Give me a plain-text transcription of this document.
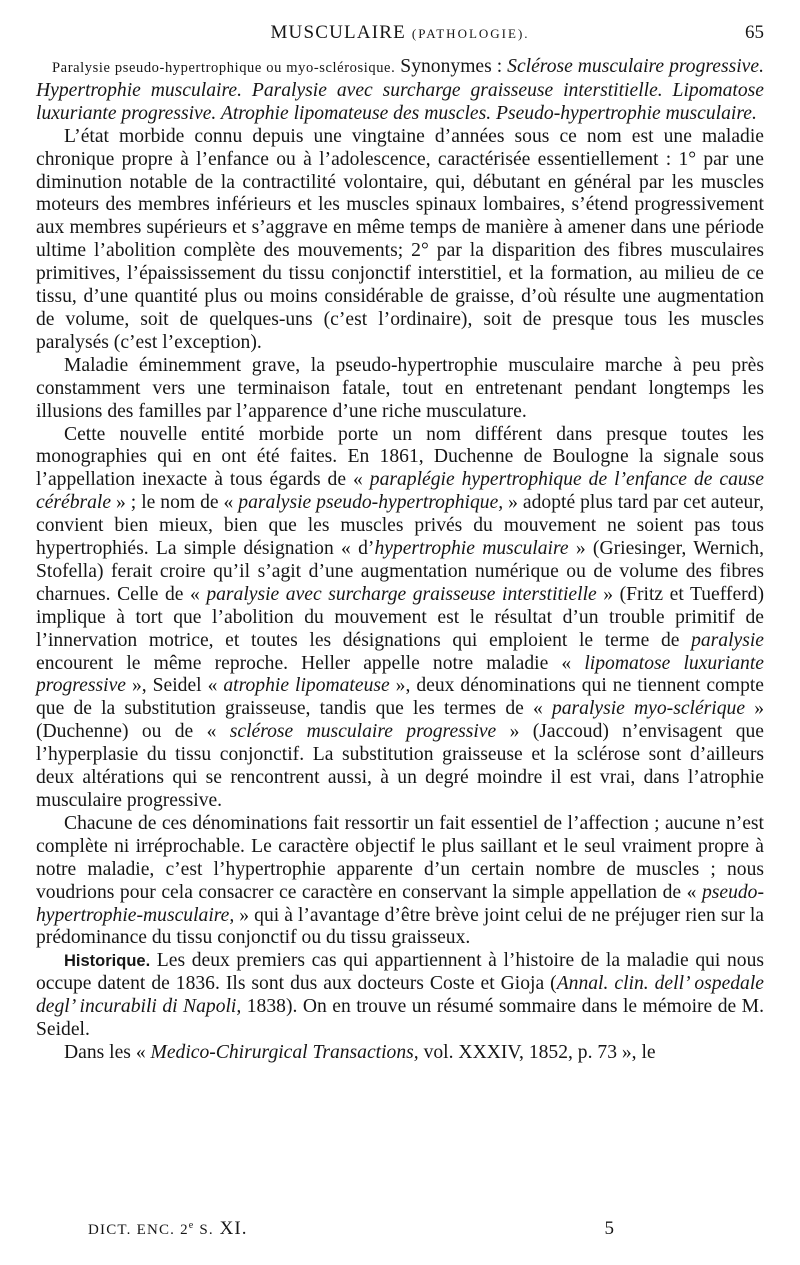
MUSCULAIRE (PATHOLOGIE).	65

Paralysie pseudo-hypertrophique ou myo-sclérosique. Synonymes : Sclérose musculaire progressive. Hypertrophie musculaire. Paralysie avec surcharge graisseuse interstitielle. Lipomatose luxuriante progressive. Atrophie lipomateuse des muscles. Pseudo-hypertrophie musculaire.

L’état morbide connu depuis une vingtaine d’années sous ce nom est une maladie chronique propre à l’enfance ou à l’adolescence, caractérisée essentiellement : 1° par une diminution notable de la contractilité volontaire, qui, débutant en général par les muscles moteurs des membres inférieurs et les muscles spinaux lombaires, s’étend progressivement aux membres supérieurs et s’aggrave en même temps de manière à amener dans une période ultime l’abolition complète des mouvements; 2° par la disparition des fibres musculaires primitives, l’épaississement du tissu conjonctif interstitiel, et la formation, au milieu de ce tissu, d’une quantité plus ou moins considérable de graisse, d’où résulte une augmentation de volume, soit de quelques-uns (c’est l’ordinaire), soit de presque tous les muscles paralysés (c’est l’exception).

Maladie éminemment grave, la pseudo-hypertrophie musculaire marche à peu près constamment vers une terminaison fatale, tout en entretenant pendant longtemps les illusions des familles par l’apparence d’une riche musculature.

Cette nouvelle entité morbide porte un nom différent dans presque toutes les monographies qui en ont été faites. En 1861, Duchenne de Boulogne la signale sous l’appellation inexacte à tous égards de « paraplégie hypertrophique de l’enfance de cause cérébrale » ; le nom de « paralysie pseudo-hypertrophique, » adopté plus tard par cet auteur, convient bien mieux, bien que les muscles privés du mouvement ne soient pas tous hypertrophiés. La simple désignation « d’hypertrophie musculaire » (Griesinger, Wernich, Stofella) ferait croire qu’il s’agit d’une augmentation numérique ou de volume des fibres charnues. Celle de « paralysie avec surcharge graisseuse interstitielle » (Fritz et Tuefferd) implique à tort que l’abolition du mouvement est le résultat d’un trouble primitif de l’innervation motrice, et toutes les désignations qui emploient le terme de paralysie encourent le même reproche. Heller appelle notre maladie « lipomatose luxuriante progressive », Seidel « atrophie lipomateuse », deux dénominations qui ne tiennent compte que de la substitution graisseuse, tandis que les termes de « paralysie myo-sclérique » (Duchenne) ou de « sclérose musculaire progressive » (Jaccoud) n’envisagent que l’hyperplasie du tissu conjonctif. La substitution graisseuse et la sclérose sont d’ailleurs deux altérations qui se rencontrent aussi, à un degré moindre il est vrai, dans l’atrophie musculaire progressive.

Chacune de ces dénominations fait ressortir un fait essentiel de l’affection ; aucune n’est complète ni irréprochable. Le caractère objectif le plus saillant et le seul vraiment propre à notre maladie, c’est l’hypertrophie apparente d’un certain nombre de muscles ; nous voudrions pour cela consacrer ce caractère en conservant la simple appellation de « pseudo-hypertrophie-musculaire, » qui à l’avantage d’être brève joint celui de ne préjuger rien sur la prédominance du tissu conjonctif ou du tissu graisseux.

Historique. Les deux premiers cas qui appartiennent à l’histoire de la maladie qui nous occupe datent de 1836. Ils sont dus aux docteurs Coste et Gioja (Annal. clin. dell’ ospedale degl’ incurabili di Napoli, 1838). On en trouve un résumé sommaire dans le mémoire de M. Seidel.

Dans les « Medico-Chirurgical Transactions, vol. XXXIV, 1852, p. 73 », le

DICT. ENC. 2e S. XI.	5
